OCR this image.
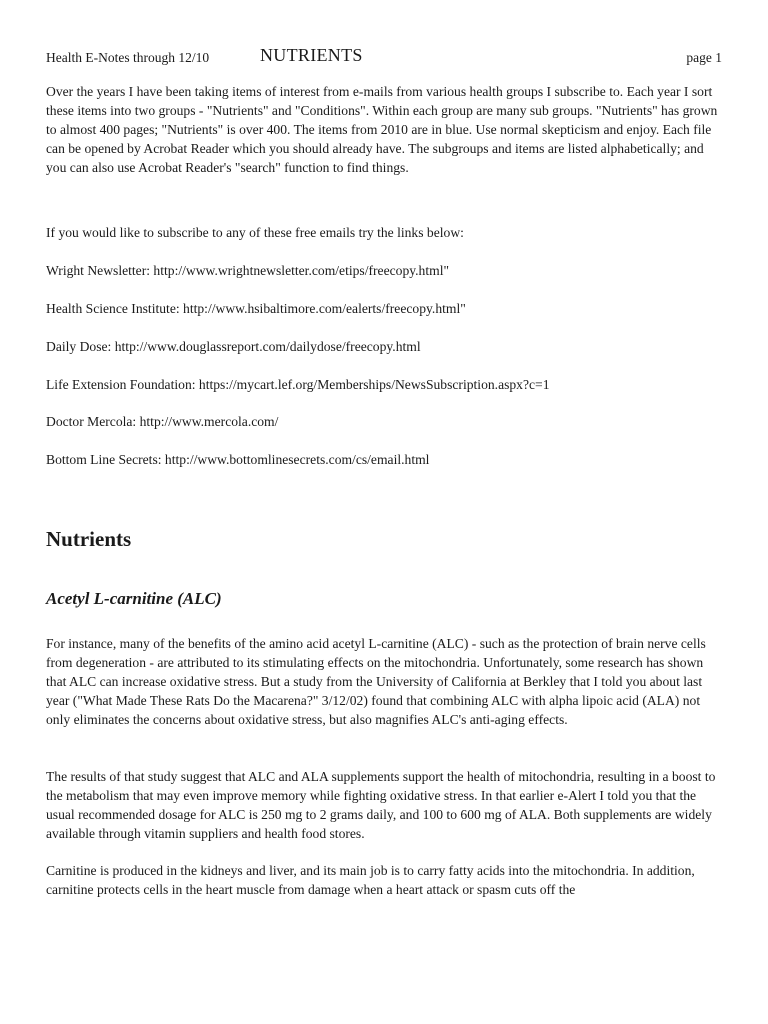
Health E-Notes through 12/10	NUTRIENTS	page 1

Over the years I have been taking items of interest from e-mails from various health groups I subscribe to. Each year I sort these items into two groups - "Nutrients" and "Conditions". Within each group are many sub groups. "Nutrients" has grown to almost 400 pages; "Nutrients" is over 400. The items from 2010 are in blue. Use normal skepticism and enjoy. Each file can be opened by Acrobat Reader which you should already have. The subgroups and items are listed alphabetically; and you can also use Acrobat Reader's "search" function to find things.

If you would like to subscribe to any of these free emails try the links below:

Wright Newsletter: http://www.wrightnewsletter.com/etips/freecopy.html"
Health Science Institute: http://www.hsibaltimore.com/ealerts/freecopy.html"
Daily Dose: http://www.douglassreport.com/dailydose/freecopy.html
Life Extension Foundation: https://mycart.lef.org/Memberships/NewsSubscription.aspx?c=1
Doctor Mercola: http://www.mercola.com/
Bottom Line Secrets: http://www.bottomlinesecrets.com/cs/email.html
Nutrients
Acetyl L-carnitine (ALC)

For instance, many of the benefits of the amino acid acetyl L-carnitine (ALC) - such as the protection of brain nerve cells from degeneration - are attributed to its stimulating effects on the mitochondria. Unfortunately, some research has shown that ALC can increase oxidative stress. But a study from the University of California at Berkley that I told you about last year ("What Made These Rats Do the Macarena?" 3/12/02) found that combining ALC with alpha lipoic acid (ALA) not only eliminates the concerns about oxidative stress, but also magnifies ALC's anti-aging effects.

The results of that study suggest that ALC and ALA supplements support the health of mitochondria, resulting in a boost to the metabolism that may even improve memory while fighting oxidative stress. In that earlier e-Alert I told you that the usual recommended dosage for ALC is 250 mg to 2 grams daily, and 100 to 600 mg of ALA. Both supplements are widely available through vitamin suppliers and health food stores.

Carnitine is produced in the kidneys and liver, and its main job is to carry fatty acids into the mitochondria. In addition, carnitine protects cells in the heart muscle from damage when a heart attack or spasm cuts off the
